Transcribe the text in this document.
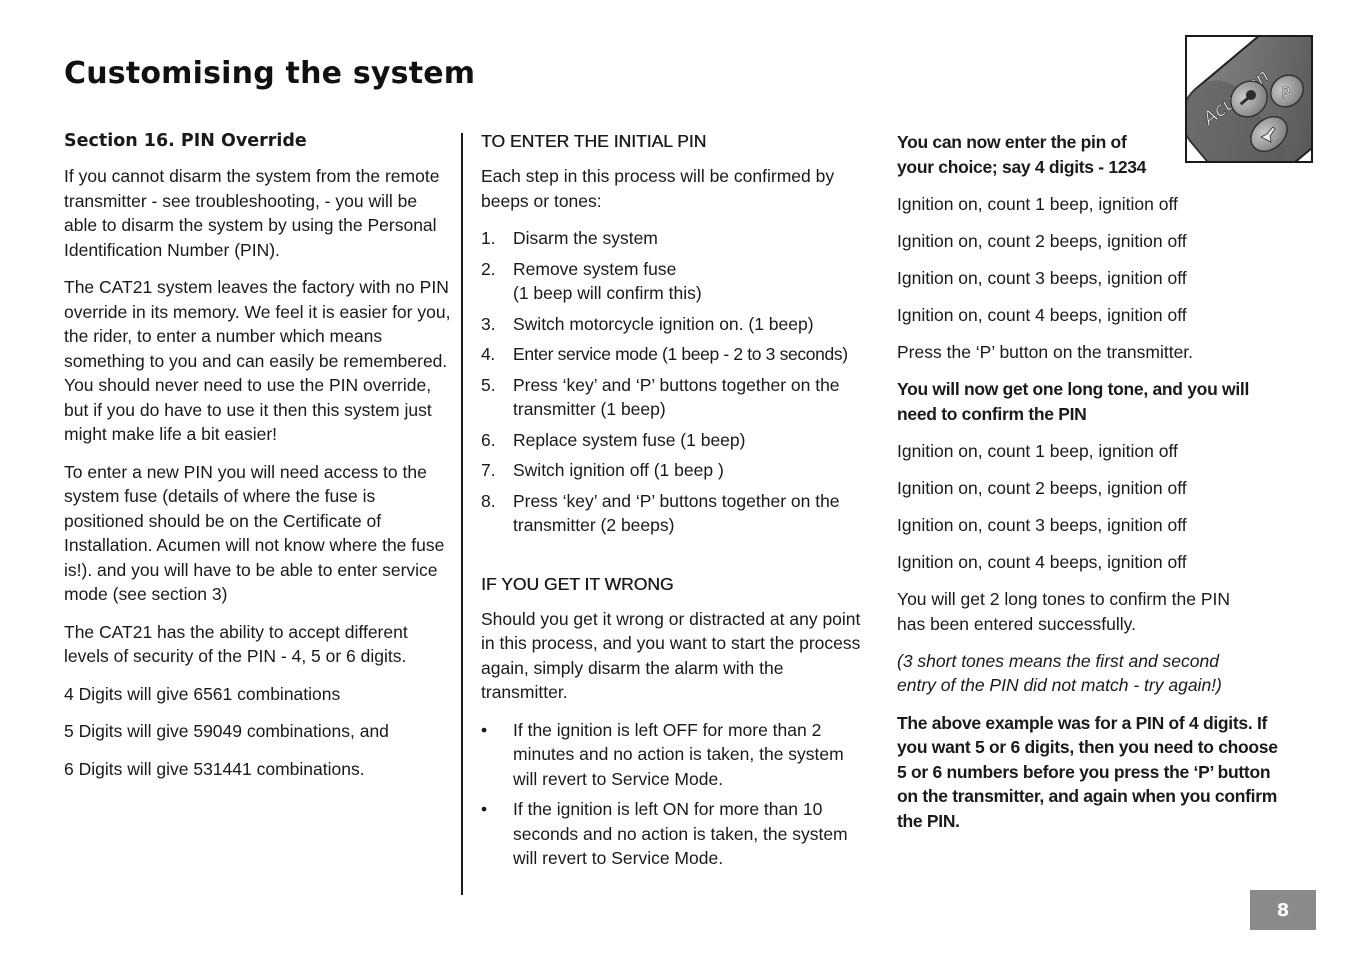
Customising the system
P
Section 16. PIN Override

If you cannot disarm the system from the remote transmitter - see troubleshooting, - you will be able to disarm the system by using the Personal Identification Number (PIN).

The CAT21 system leaves the factory with no PIN override in its memory. We feel it is easier for you, the rider, to enter a number which means something to you and can easily be remembered. You should never need to use the PIN override, but if you do have to use it then this system just might make life a bit easier!

To enter a new PIN you will need access to the system fuse (details of where the fuse is positioned should be on the Certificate of Installation. Acumen will not know where the fuse is!). and you will have to be able to enter service mode (see section 3)

The CAT21 has the ability to accept different levels of security of the PIN - 4, 5 or 6 digits.

4 Digits will give 6561 combinations

5 Digits will give 59049 combinations, and

6 Digits will give 531441 combinations.

TO ENTER THE INITIAL PIN

Each step in this process will be confirmed by beeps or tones:

1. Disarm the system
2. Remove system fuse
(1 beep will confirm this)
3. Switch motorcycle ignition on. (1 beep)
4. Enter service mode (1 beep - 2 to 3 seconds)
5. Press ‘key’ and ‘P’ buttons together on the transmitter (1 beep)
6. Replace system fuse (1 beep)
7. Switch ignition off (1 beep )
8. Press ‘key’ and ‘P’ buttons together on the transmitter (2 beeps)
IF YOU GET IT WRONG

Should you get it wrong or distracted at any point in this process, and you want to start the process again, simply disarm the alarm with the transmitter.

• If the ignition is left OFF for more than 2 minutes and no action is taken, the system will revert to Service Mode.
• If the ignition is left ON for more than 10 seconds and no action is taken, the system will revert to Service Mode.

You can now enter the pin of your choice; say 4 digits - 1234

Ignition on, count 1 beep, ignition off

Ignition on, count 2 beeps, ignition off

Ignition on, count 3 beeps, ignition off

Ignition on, count 4 beeps, ignition off

Press the ‘P’ button on the transmitter.

You will now get one long tone, and you will need to confirm the PIN

Ignition on, count 1 beep, ignition off

Ignition on, count 2 beeps, ignition off

Ignition on, count 3 beeps, ignition off

Ignition on, count 4 beeps, ignition off

You will get 2 long tones to confirm the PIN has been entered successfully.

(3 short tones means the first and second entry of the PIN did not match - try again!)

The above example was for a PIN of 4 digits. If you want 5 or 6 digits, then you need to choose 5 or 6 numbers before you press the ‘P’ button on the transmitter, and again when you confirm the PIN.

8
